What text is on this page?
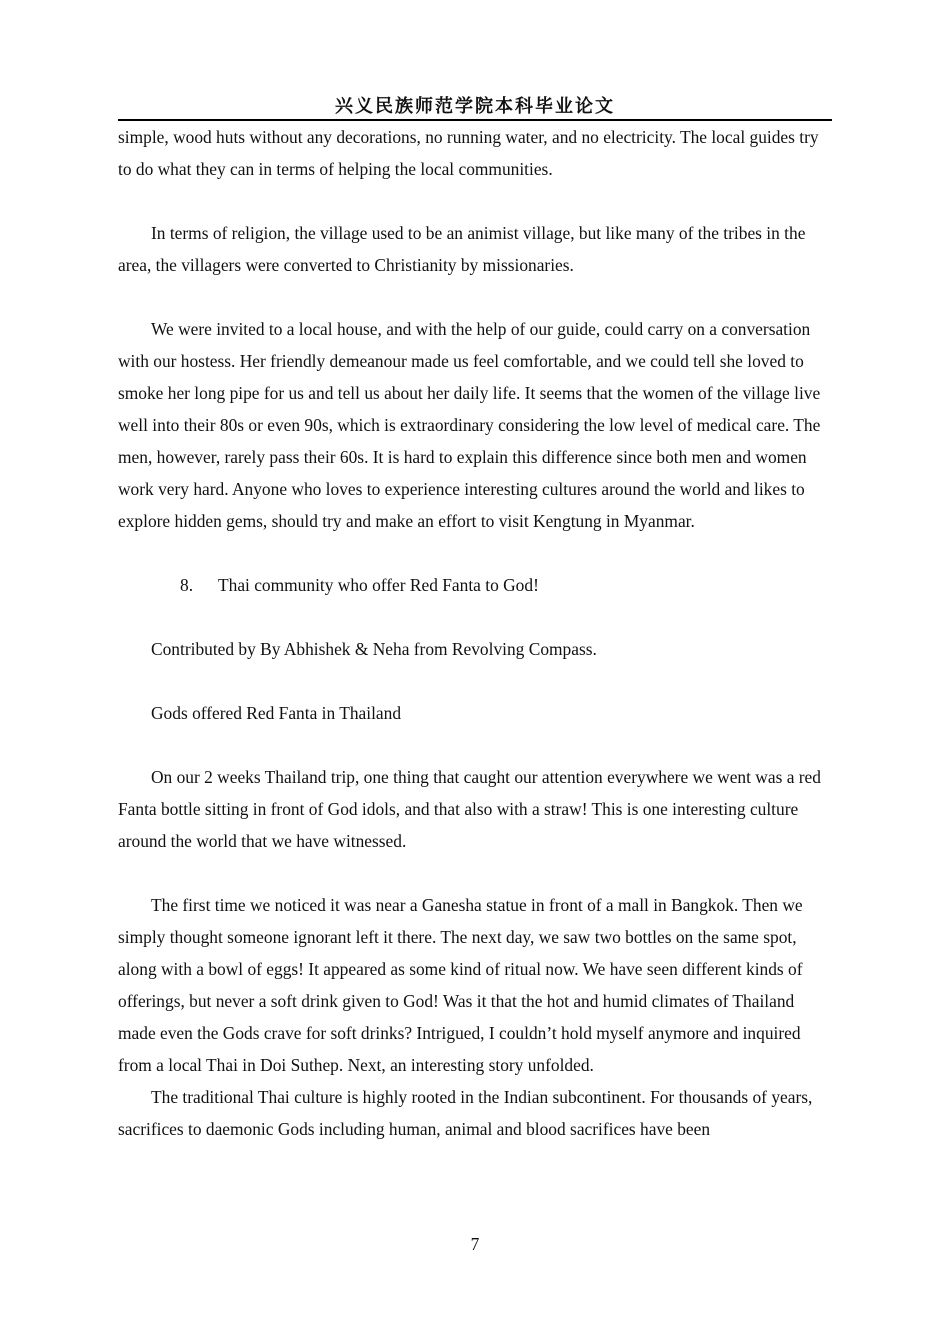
兴义民族师范学院本科毕业论文

simple, wood huts without any decorations, no running water, and no electricity. The local guides try to do what they can in terms of helping the local communities.

In terms of religion, the village used to be an animist village, but like many of the tribes in the area, the villagers were converted to Christianity by missionaries.

We were invited to a local house, and with the help of our guide, could carry on a conversation with our hostess. Her friendly demeanour made us feel comfortable, and we could tell she loved to smoke her long pipe for us and tell us about her daily life. It seems that the women of the village live well into their 80s or even 90s, which is extraordinary considering the low level of medical care. The men, however, rarely pass their 60s. It is hard to explain this difference since both men and women work very hard. Anyone who loves to experience interesting cultures around the world and likes to explore hidden gems, should try and make an effort to visit Kengtung in Myanmar.

8. Thai community who offer Red Fanta to God!

Contributed by By Abhishek & Neha from Revolving Compass.

Gods offered Red Fanta in Thailand

On our 2 weeks Thailand trip, one thing that caught our attention everywhere we went was a red Fanta bottle sitting in front of God idols, and that also with a straw! This is one interesting culture around the world that we have witnessed.

The first time we noticed it was near a Ganesha statue in front of a mall in Bangkok. Then we simply thought someone ignorant left it there. The next day, we saw two bottles on the same spot, along with a bowl of eggs! It appeared as some kind of ritual now. We have seen different kinds of offerings, but never a soft drink given to God! Was it that the hot and humid climates of Thailand made even the Gods crave for soft drinks? Intrigued, I couldn’t hold myself anymore and inquired from a local Thai in Doi Suthep. Next, an interesting story unfolded.

The traditional Thai culture is highly rooted in the Indian subcontinent. For thousands of years, sacrifices to daemonic Gods including human, animal and blood sacrifices have been

7
